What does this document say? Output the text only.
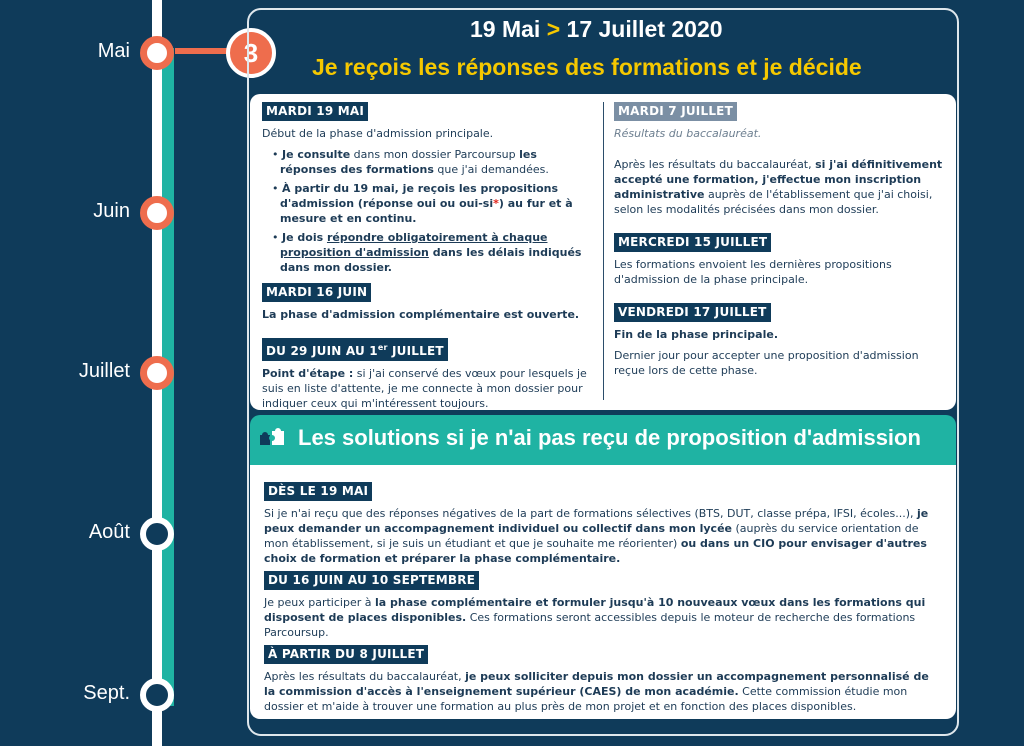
Mai
Juin
Juillet
Août
Sept.
3
19 Mai > 17 Juillet 2020
Je reçois les réponses des formations et je décide
MARDI 19 MAI

Début de la phase d'admission principale.

• Je consulte dans mon dossier Parcoursup les réponses des formations que j'ai demandées.
• À partir du 19 mai, je reçois les propositions d'admission (réponse oui ou oui-si*) au fur et à mesure et en continu.
• Je dois répondre obligatoirement à chaque proposition d'admission dans les délais indiqués dans mon dossier.
MARDI 16 JUIN

La phase d'admission complémentaire est ouverte.

DU 29 JUIN AU 1er JUILLET

Point d'étape : si j'ai conservé des vœux pour lesquels je suis en liste d'attente, je me connecte à mon dossier pour indiquer ceux qui m'intéressent toujours.

MARDI 7 JUILLET

Résultats du baccalauréat.

Après les résultats du baccalauréat, si j'ai définitivement accepté une formation, j'effectue mon inscription administrative auprès de l'établissement que j'ai choisi, selon les modalités précisées dans mon dossier.

MERCREDI 15 JUILLET

Les formations envoient les dernières propositions d'admission de la phase principale.

VENDREDI 17 JUILLET

Fin de la phase principale.

Dernier jour pour accepter une proposition d'admission reçue lors de cette phase.

Les solutions si je n'ai pas reçu de proposition d'admission
DÈS LE 19 MAI

Si je n'ai reçu que des réponses négatives de la part de formations sélectives (BTS, DUT, classe prépa, IFSI, écoles...), je peux demander un accompagnement individuel ou collectif dans mon lycée (auprès du service orientation de mon établissement, si je suis un étudiant et que je souhaite me réorienter) ou dans un CIO pour envisager d'autres choix de formation et préparer la phase complémentaire.

DU 16 JUIN AU 10 SEPTEMBRE

Je peux participer à la phase complémentaire et formuler jusqu'à 10 nouveaux vœux dans les formations qui disposent de places disponibles. Ces formations seront accessibles depuis le moteur de recherche des formations Parcoursup.

À PARTIR DU 8 JUILLET

Après les résultats du baccalauréat, je peux solliciter depuis mon dossier un accompagnement personnalisé de la commission d'accès à l'enseignement supérieur (CAES) de mon académie. Cette commission étudie mon dossier et m'aide à trouver une formation au plus près de mon projet et en fonction des places disponibles.
